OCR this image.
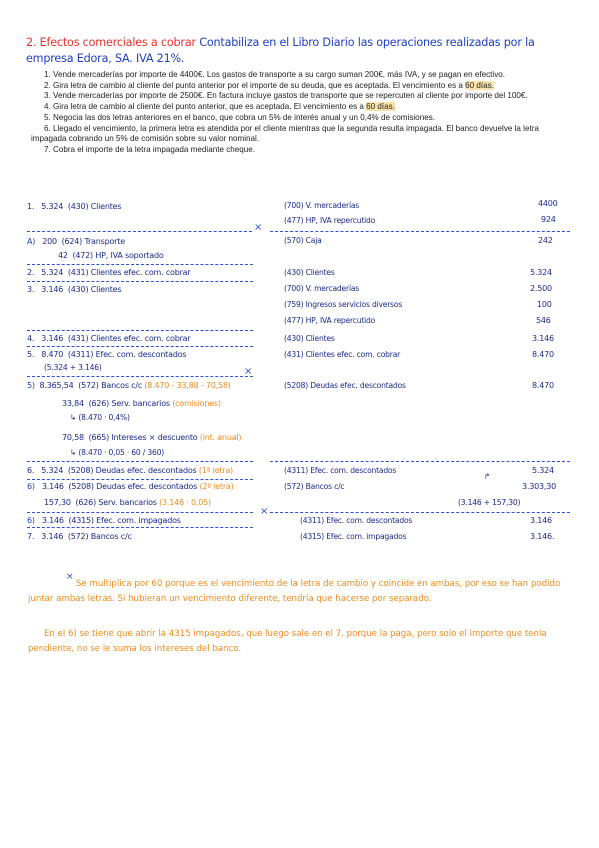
2. Efectos comerciales a cobrar Contabiliza en el Libro Diario las operaciones realizadas por la
empresa Edora, SA. IVA 21%.
1. Vende mercaderías por importe de 4400€. Los gastos de transporte a su cargo suman 200€, más IVA, y se pagan en efectivo.
2. Gira letra de cambio al cliente del punto anterior por el importe de su deuda, que es aceptada. El vencimiento es a 60 días.
3. Vende mercaderías por importe de 2500€. En factura incluye gastos de transporte que se repercuten al cliente por importe del 100€.
4. Gira letra de cambio al cliente del punto anterior, que es aceptada. El vencimiento es a 60 días.
5. Negocia las dos letras anteriores en el banco, que cobra un 5% de interés anual y un 0,4% de comisiones.
6. Llegado el vencimiento, la primera letra es atendida por el cliente mientras que la segunda resulta impagada. El banco devuelve la letra impagada cobrando un 5% de comisión sobre su valor nominal.
7. Cobra el importe de la letra impagada mediante cheque.
1. 5.324 (430) Clientes	(700) V. mercaderías	4400
(477) HP, IVA repercutido	924
×
A) 200 (624) Transporte
42 (472) HP, IVA soportado
(570) Caja	242
2. 5.324 (431) Clientes efec. com. cobrar	(430) Clientes	5.324
3. 3.146 (430) Clientes	(700) V. mercaderías	2.500
(759) Ingresos servicios diversos	100
(477) HP, IVA repercutido	546
4. 3.146 (431) Clientes efec. com. cobrar	(430) Clientes	3.146
5. 8.470 (4311) Efec. com. descontados
(5.324 + 3.146)
(431) Clientes efec. com. cobrar	8.470
×
5) 8.365,54 (572) Bancos c/c (8.470 - 33,88 - 70,58)	(5208) Deudas efec. descontados	8.470
33,84 (626) Serv. bancarios (comisiones)
↳ (8.470 · 0,4%)
70,58 (665) Intereses × descuento (int. anual)
↳ (8.470 · 0,05 · 60 / 360)
6. 5.324 (5208) Deudas efec. descontados (1ª letra)	(4311) Efec. com. descontados	5.324
6) 3.146 (5208) Deudas efec. descontados (2ª letra)	(572) Bancos c/c	3.303,30
↱
(3.146 + 157,30)
157,30 (626) Serv. bancarios (3.146 · 0,05)
×
6) 3.146 (4315) Efec. com. impagados	(4311) Efec. com. descontados	3.146
7. 3.146 (572) Bancos c/c	(4315) Efec. com. impagados	3.146.
×
Se multiplica por 60 porque es el vencimiento de la letra de cambio y coincide en ambas, por eso se han podido juntar ambas letras. Si hubieran un vencimiento diferente, tendría que hacerse por separado.
En el 6) se tiene que abrir la 4315 impagados, que luego sale en el 7. porque la paga, pero solo el importe que tenía pendiente, no se le suma los intereses del banco.
